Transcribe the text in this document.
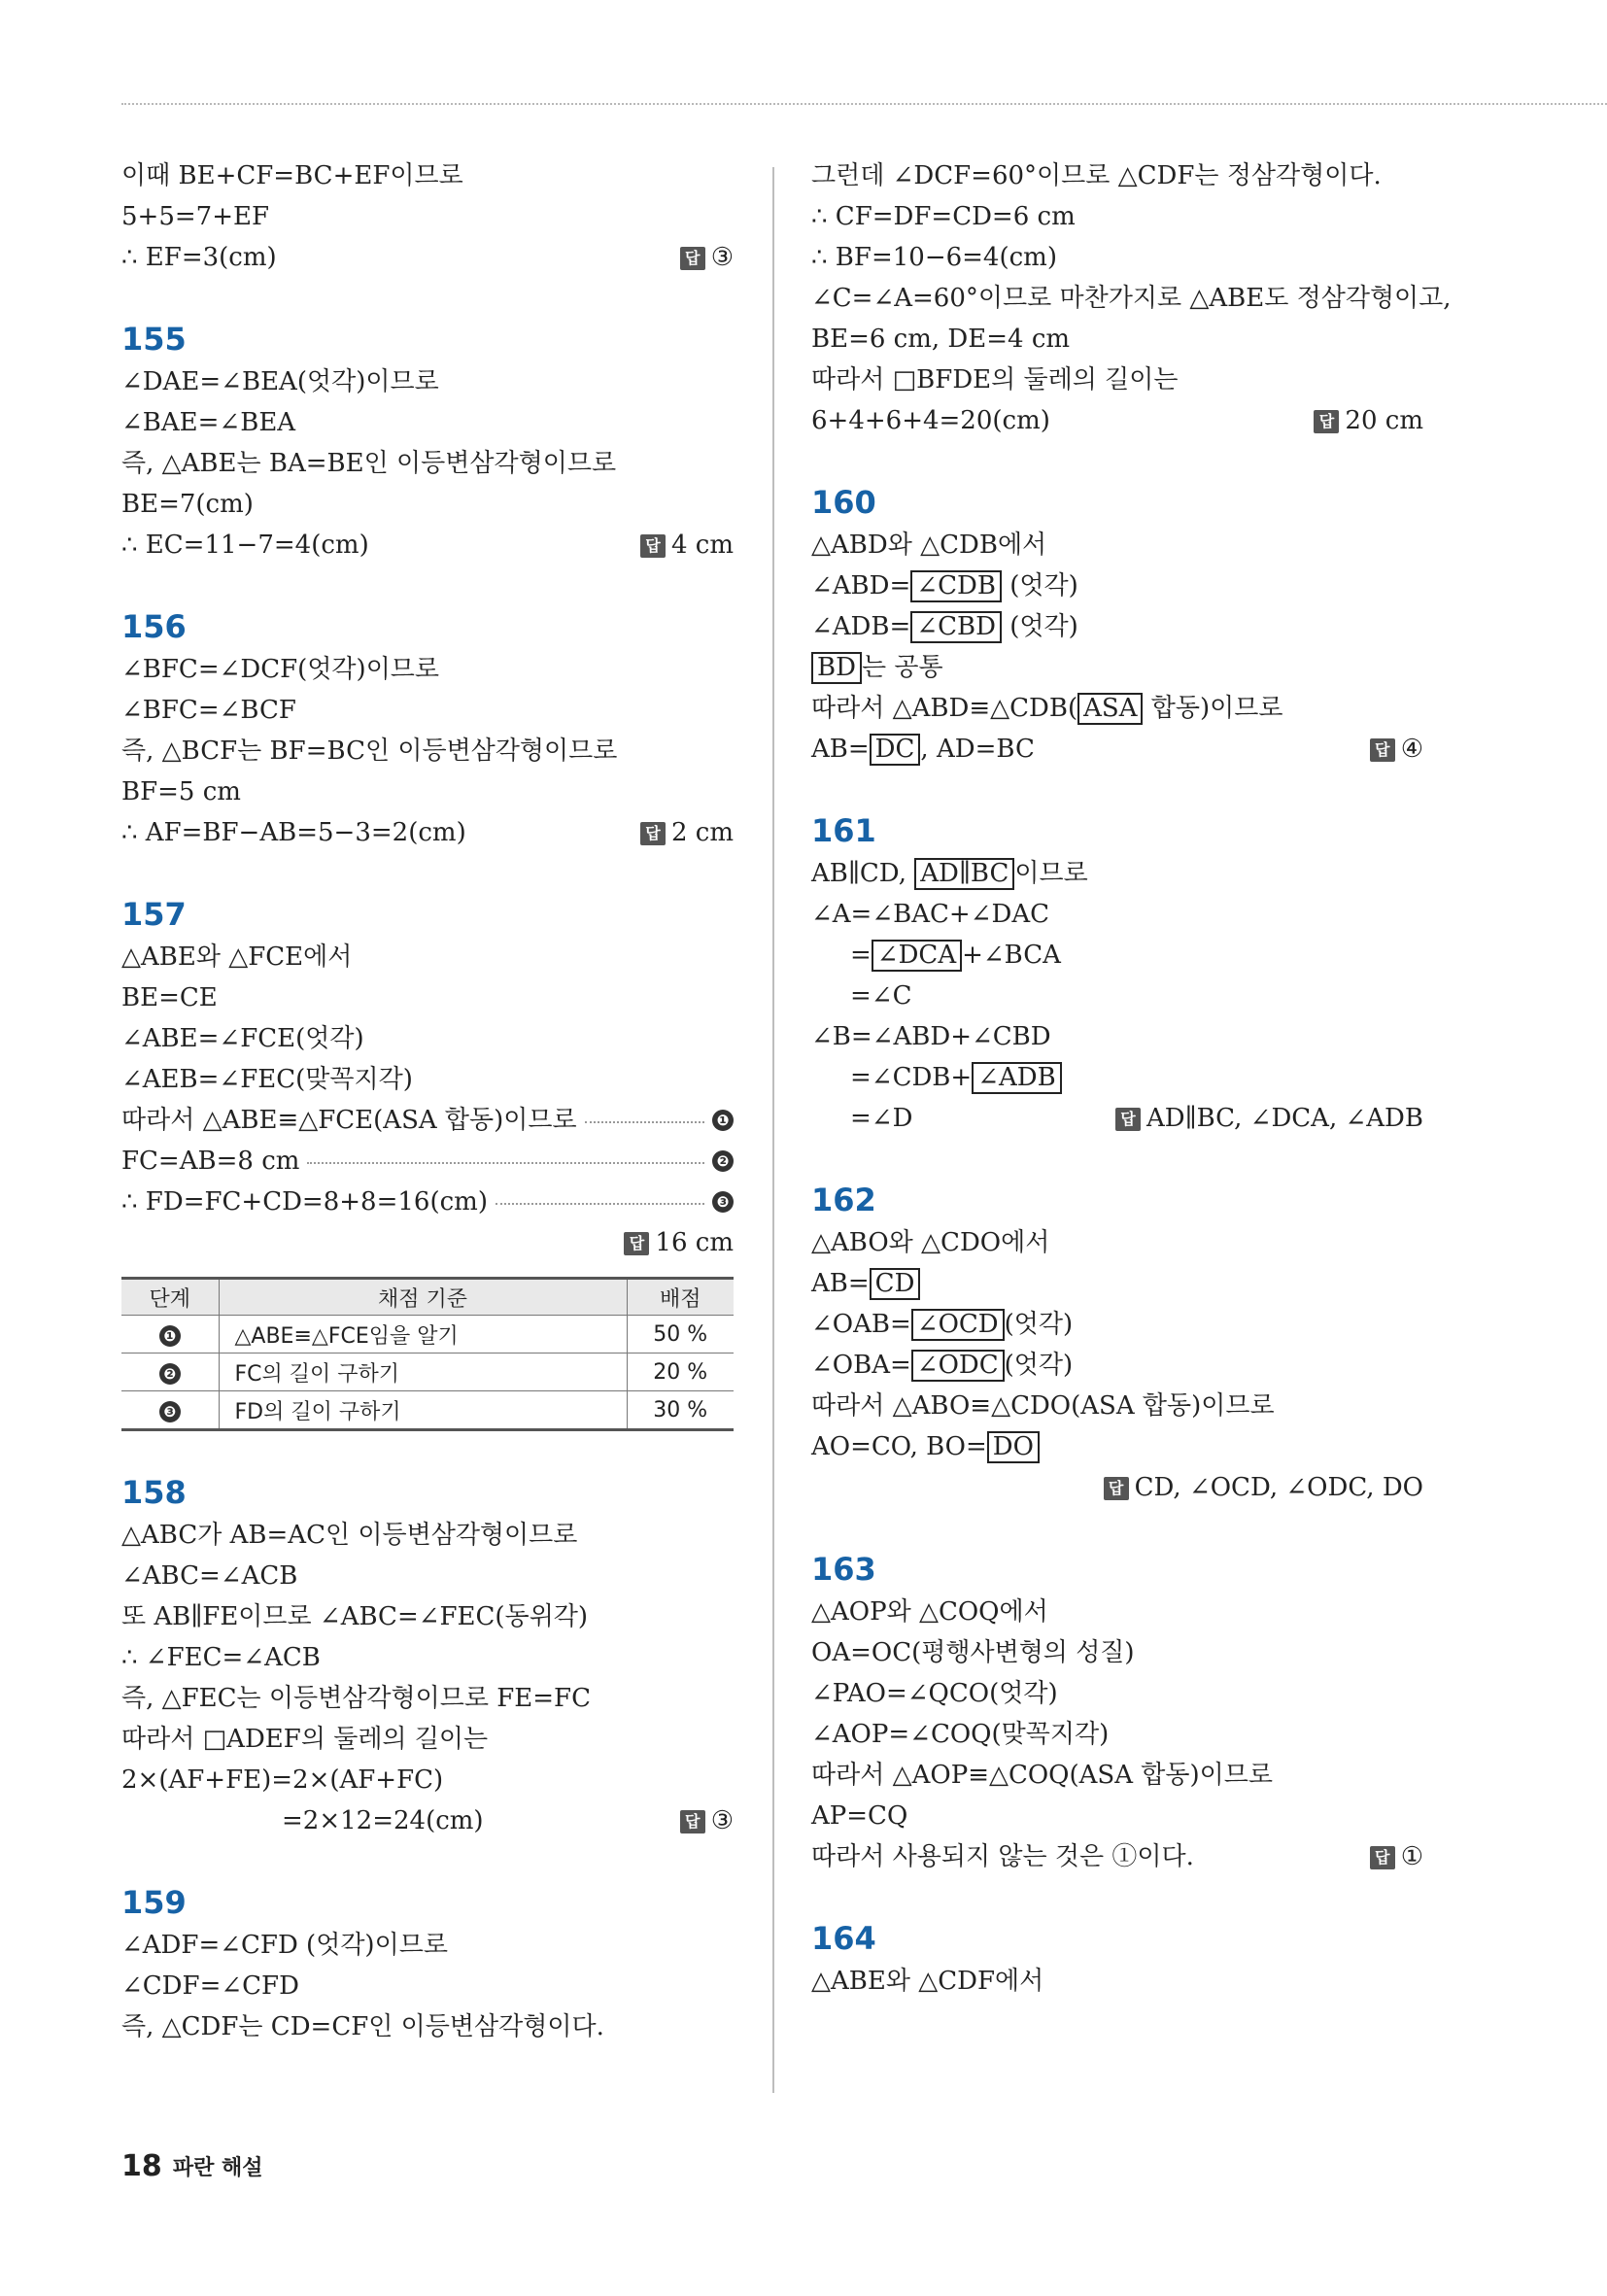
이때 BE+CF=BC+EF이므로
5+5=7+EF
∴ EF=3(cm)	답 ③
155
∠DAE=∠BEA(엇각)이므로
∠BAE=∠BEA
즉, △ABE는 BA=BE인 이등변삼각형이므로
BE=7(cm)
∴ EC=11−7=4(cm)	답 4 cm
156
∠BFC=∠DCF(엇각)이므로
∠BFC=∠BCF
즉, △BCF는 BF=BC인 이등변삼각형이므로
BF=5 cm
∴ AF=BF−AB=5−3=2(cm)	답 2 cm
157
△ABE와 △FCE에서
BE=CE
∠ABE=∠FCE(엇각)
∠AEB=∠FEC(맞꼭지각)
따라서 △ABE≡△FCE(ASA 합동)이므로	❶
FC=AB=8 cm	❷
∴ FD=FC+CD=8+8=16(cm)	❸
답 16 cm
단계	채점 기준	배점
❶	△ABE≡△FCE임을 알기	50 %
❷	FC의 길이 구하기	20 %
❸	FD의 길이 구하기	30 %
158
△ABC가 AB=AC인 이등변삼각형이므로
∠ABC=∠ACB
또 AB∥FE이므로 ∠ABC=∠FEC(동위각)
∴ ∠FEC=∠ACB
즉, △FEC는 이등변삼각형이므로 FE=FC
따라서 □ADEF의 둘레의 길이는
2×(AF+FE)=2×(AF+FC)
=2×12=24(cm)	답 ③
159
∠ADF=∠CFD (엇각)이므로
∠CDF=∠CFD
즉, △CDF는 CD=CF인 이등변삼각형이다.
그런데 ∠DCF=60°이므로 △CDF는 정삼각형이다.
∴ CF=DF=CD=6 cm
∴ BF=10−6=4(cm)
∠C=∠A=60°이므로 마찬가지로 △ABE도 정삼각형이고,
BE=6 cm, DE=4 cm
따라서 □BFDE의 둘레의 길이는
6+4+6+4=20(cm)	답 20 cm
160
△ABD와 △CDB에서
∠ABD= ∠CDB (엇각)
∠ADB= ∠CBD (엇각)
BD 는 공통
따라서 △ABD≡△CDB( ASA 합동)이므로
AB= DC , AD=BC	답 ④
161
AB∥CD, AD∥BC 이므로
∠A=∠BAC+∠DAC
= ∠DCA +∠BCA
=∠C
∠B=∠ABD+∠CBD
=∠CDB+ ∠ADB
=∠D	답 AD∥BC, ∠DCA, ∠ADB
162
△ABO와 △CDO에서
AB= CD
∠OAB= ∠OCD (엇각)
∠OBA= ∠ODC (엇각)
따라서 △ABO≡△CDO(ASA 합동)이므로
AO=CO, BO= DO
답 CD, ∠OCD, ∠ODC, DO
163
△AOP와 △COQ에서
OA=OC(평행사변형의 성질)
∠PAO=∠QCO(엇각)
∠AOP=∠COQ(맞꼭지각)
따라서 △AOP≡△COQ(ASA 합동)이므로
AP=CQ
따라서 사용되지 않는 것은 ①이다.	답 ①
164
△ABE와 △CDF에서
18 파란 해설
